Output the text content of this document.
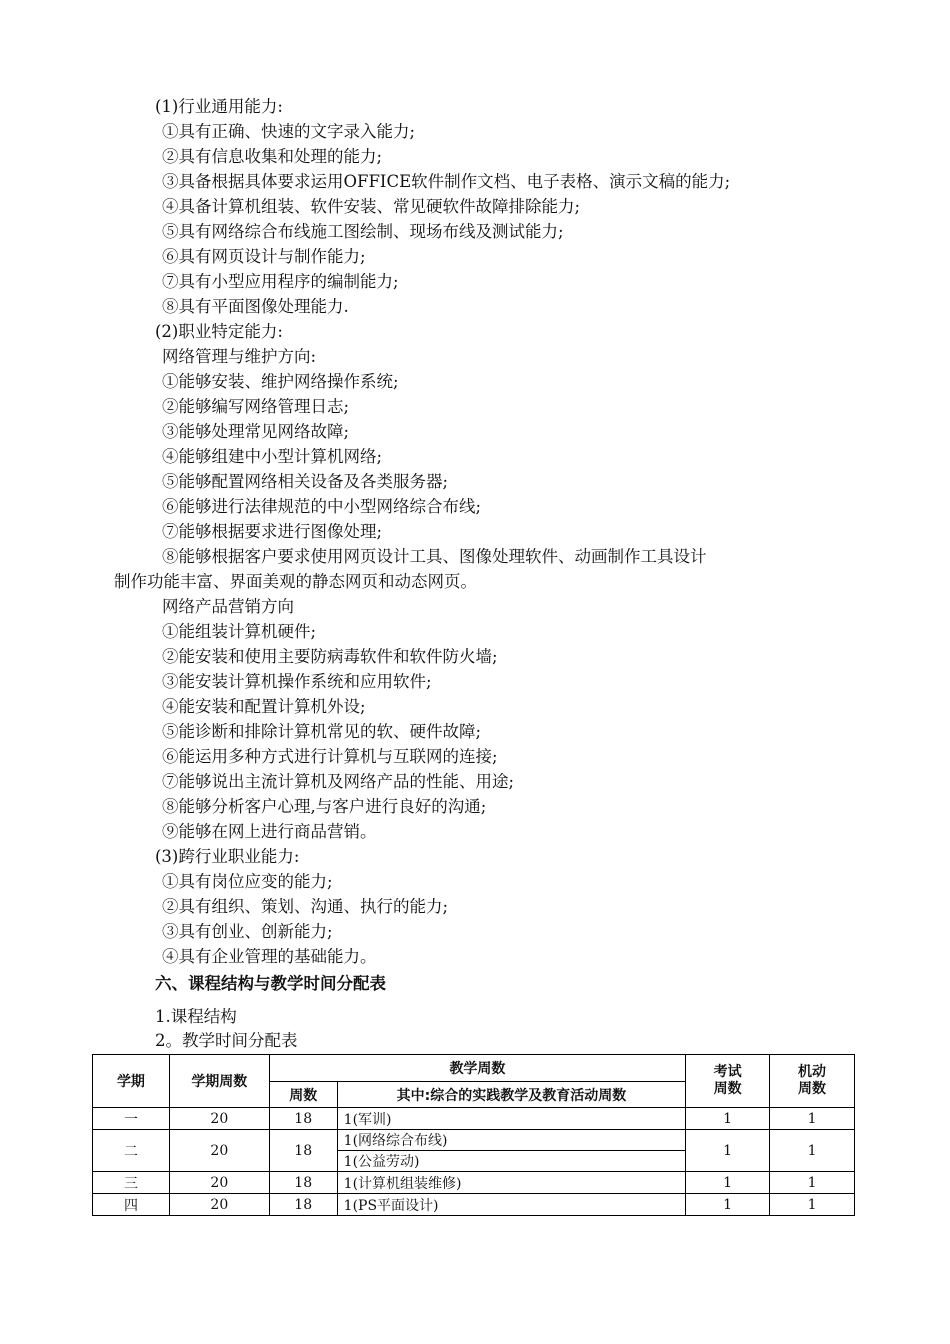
(1)行业通用能力:
①具有正确、快速的文字录入能力;
②具有信息收集和处理的能力;
③具备根据具体要求运用OFFICE软件制作文档、电子表格、演示文稿的能力;
④具备计算机组装、软件安装、常见硬软件故障排除能力;
⑤具有网络综合布线施工图绘制、现场布线及测试能力;
⑥具有网页设计与制作能力;
⑦具有小型应用程序的编制能力;
⑧具有平面图像处理能力.
(2)职业特定能力:
网络管理与维护方向:
①能够安装、维护网络操作系统;
②能够编写网络管理日志;
③能够处理常见网络故障;
④能够组建中小型计算机网络;
⑤能够配置网络相关设备及各类服务器;
⑥能够进行法律规范的中小型网络综合布线;
⑦能够根据要求进行图像处理;
⑧能够根据客户要求使用网页设计工具、图像处理软件、动画制作工具设计
制作功能丰富、界面美观的静态网页和动态网页。
网络产品营销方向
①能组装计算机硬件;
②能安装和使用主要防病毒软件和软件防火墙;
③能安装计算机操作系统和应用软件;
④能安装和配置计算机外设;
⑤能诊断和排除计算机常见的软、硬件故障;
⑥能运用多种方式进行计算机与互联网的连接;
⑦能够说出主流计算机及网络产品的性能、用途;
⑧能够分析客户心理,与客户进行良好的沟通;
⑨能够在网上进行商品营销。
(3)跨行业职业能力:
①具有岗位应变的能力;
②具有组织、策划、沟通、执行的能力;
③具有创业、创新能力;
④具有企业管理的基础能力。
六、课程结构与教学时间分配表
1.课程结构
2。教学时间分配表
学期	学期周数	教学周数		考试周数	机动周数
		周数	其中:综合的实践教学及教育活动周数		
一	20	18	1(军训)	1	1
二	20	18	1(网络综合布线)	1	1
			1(公益劳动)		
三	20	18	1(计算机组装维修)	1	1
四	20	18	1(PS平面设计)	1	1
